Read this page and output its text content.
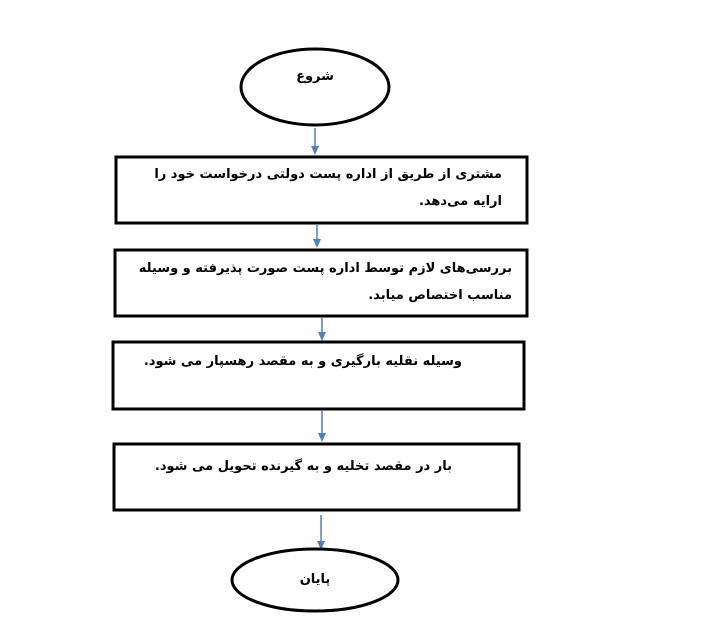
شروع
پایان
مشتری از طریق از اداره پست دولتی درخواست خود را ارایه می‌دهد.
بررسی‌های لازم توسط اداره پست صورت پذیرفته و وسیله مناسب اختصاص میابد.
وسیله نقلیه بارگیری و به مقصد رهسپار می شود.
بار در مقصد تخلیه و به گیرنده تحویل می شود.
